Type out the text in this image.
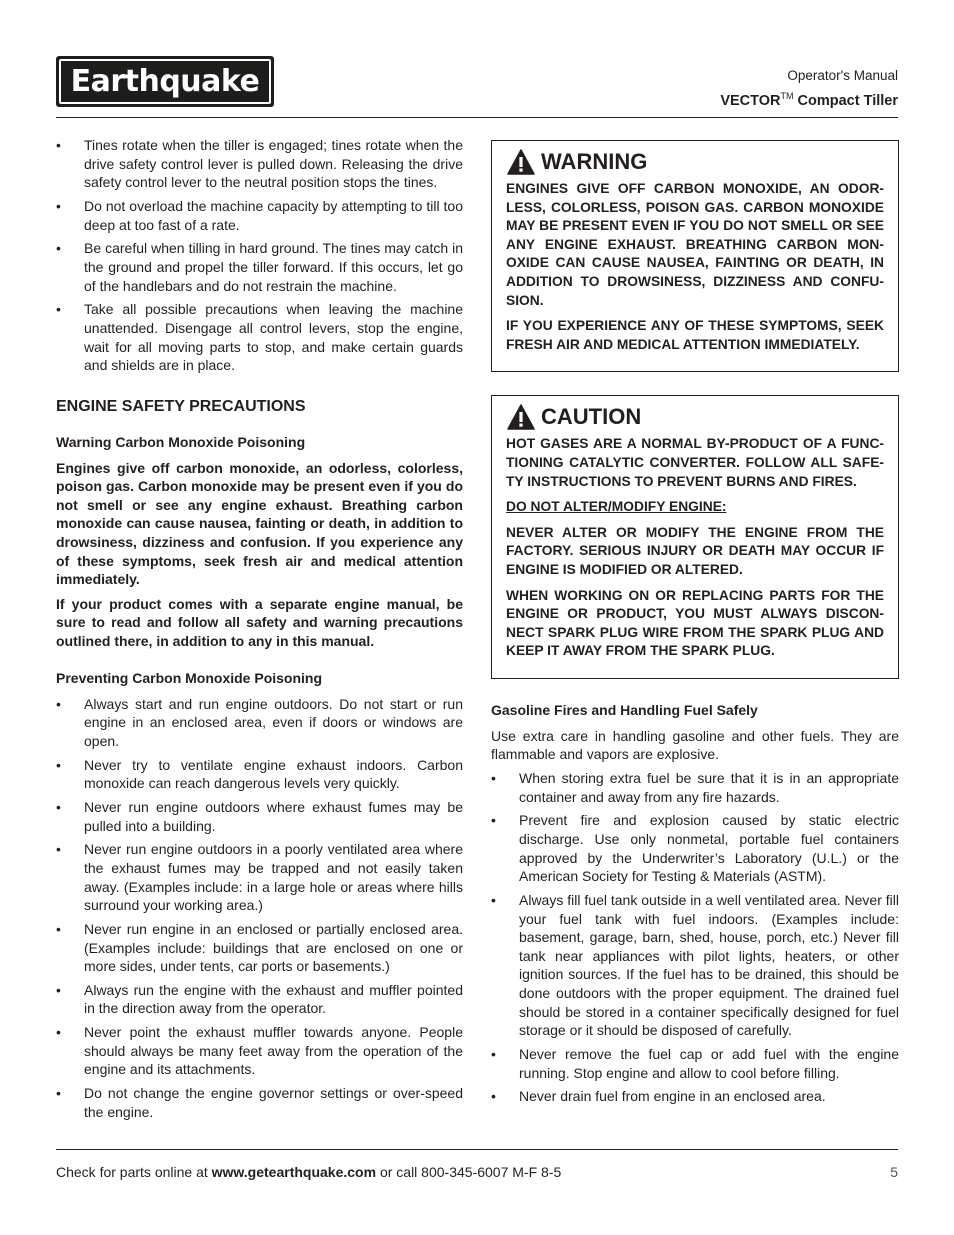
Earthquake	Operator's Manual
VECTOR™ Compact Tiller
• Tines rotate when the tiller is engaged; tines rotate when the drive safety control lever is pulled down. Releasing the drive safety control lever to the neutral position stops the tines.
• Do not overload the machine capacity by attempting to till too deep at too fast of a rate.
• Be careful when tilling in hard ground. The tines may catch in the ground and propel the tiller forward. If this occurs, let go of the handlebars and do not restrain the machine.
• Take all possible precautions when leaving the machine unattended. Disengage all control levers, stop the engine, wait for all moving parts to stop, and make certain guards and shields are in place.
ENGINE SAFETY PRECAUTIONS
Warning Carbon Monoxide Poisoning

Engines give off carbon monoxide, an odorless, colorless, poison gas. Carbon monoxide may be present even if you do not smell or see any engine exhaust. Breathing carbon monoxide can cause nausea, fainting or death, in addition to drowsiness, dizziness and confusion. If you experience any of these symptoms, seek fresh air and medical attention immediately.

If your product comes with a separate engine manual, be sure to read and follow all safety and warning precautions outlined there, in addition to any in this manual.

Preventing Carbon Monoxide Poisoning
• Always start and run engine outdoors. Do not start or run engine in an enclosed area, even if doors or windows are open.
• Never try to ventilate engine exhaust indoors. Carbon monoxide can reach dangerous levels very quickly.
• Never run engine outdoors where exhaust fumes may be pulled into a building.
• Never run engine outdoors in a poorly ventilated area where the exhaust fumes may be trapped and not easily taken away. (Examples include: in a large hole or areas where hills surround your working area.)
• Never run engine in an enclosed or partially enclosed area. (Examples include: buildings that are enclosed on one or more sides, under tents, car ports or basements.)
• Always run the engine with the exhaust and muffler pointed in the direction away from the operator.
• Never point the exhaust muffler towards anyone. People should always be many feet away from the operation of the engine and its attachments.
• Do not change the engine governor settings or over-speed the engine.
WARNING

ENGINES GIVE OFF CARBON MONOXIDE, AN ODOR-LESS, COLORLESS, POISON GAS. CARBON MONOXIDE MAY BE PRESENT EVEN IF YOU DO NOT SMELL OR SEE ANY ENGINE EXHAUST. BREATHING CARBON MON-OXIDE CAN CAUSE NAUSEA, FAINTING OR DEATH, IN ADDITION TO DROWSINESS, DIZZINESS AND CONFU-SION.

IF YOU EXPERIENCE ANY OF THESE SYMPTOMS, SEEK FRESH AIR AND MEDICAL ATTENTION IMMEDIATELY.

CAUTION

HOT GASES ARE A NORMAL BY-PRODUCT OF A FUNC-TIONING CATALYTIC CONVERTER. FOLLOW ALL SAFE-TY INSTRUCTIONS TO PREVENT BURNS AND FIRES.

DO NOT ALTER/MODIFY ENGINE:

NEVER ALTER OR MODIFY THE ENGINE FROM THE FACTORY. SERIOUS INJURY OR DEATH MAY OCCUR IF ENGINE IS MODIFIED OR ALTERED.

WHEN WORKING ON OR REPLACING PARTS FOR THE ENGINE OR PRODUCT, YOU MUST ALWAYS DISCON-NECT SPARK PLUG WIRE FROM THE SPARK PLUG AND KEEP IT AWAY FROM THE SPARK PLUG.

Gasoline Fires and Handling Fuel Safely

Use extra care in handling gasoline and other fuels. They are flammable and vapors are explosive.

• When storing extra fuel be sure that it is in an appropriate container and away from any fire hazards.
• Prevent fire and explosion caused by static electric discharge. Use only nonmetal, portable fuel containers approved by the Underwriter’s Laboratory (U.L.) or the American Society for Testing & Materials (ASTM).
• Always fill fuel tank outside in a well ventilated area. Never fill your fuel tank with fuel indoors. (Examples include: basement, garage, barn, shed, house, porch, etc.) Never fill tank near appliances with pilot lights, heaters, or other ignition sources. If the fuel has to be drained, this should be done outdoors with the proper equipment. The drained fuel should be stored in a container specifically designed for fuel storage or it should be disposed of carefully.
• Never remove the fuel cap or add fuel with the engine running. Stop engine and allow to cool before filling.
• Never drain fuel from engine in an enclosed area.
Check for parts online at www.getearthquake.com or call 800-345-6007 M-F 8-5	5
